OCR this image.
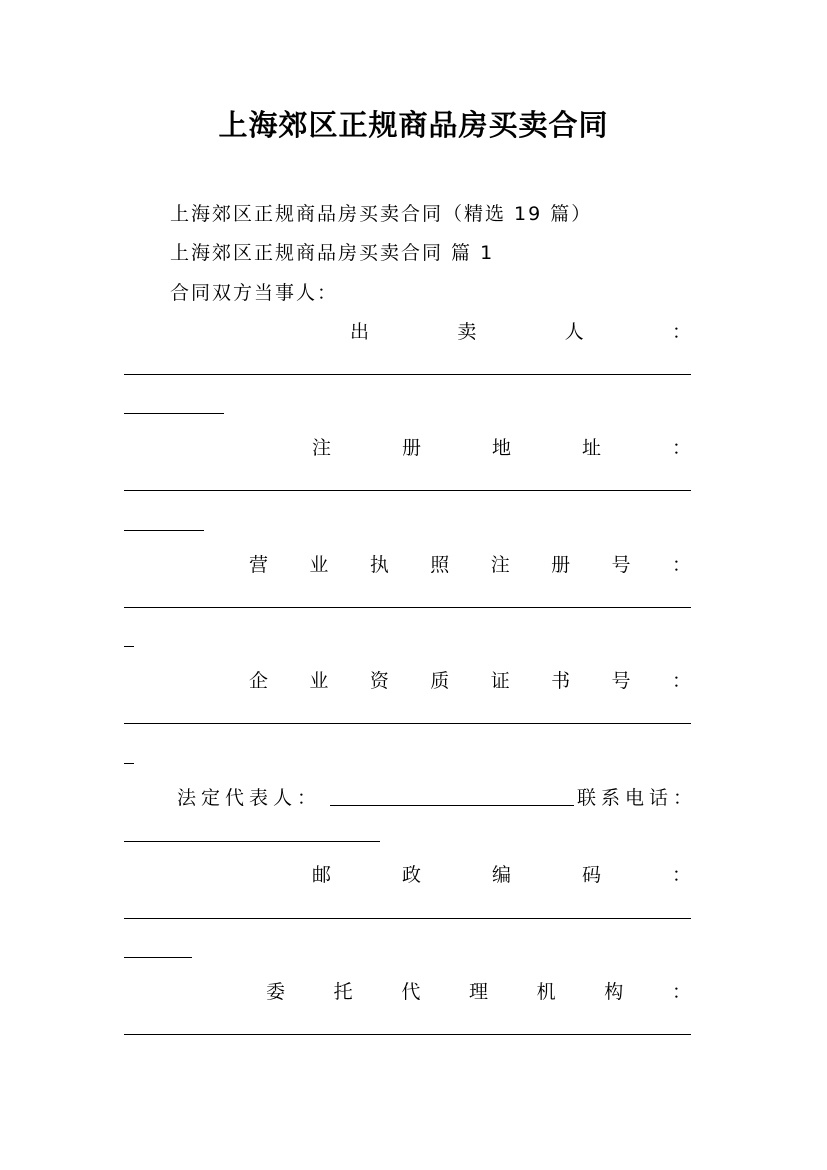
上海郊区正规商品房买卖合同
上海郊区正规商品房买卖合同（精选 19 篇）
上海郊区正规商品房买卖合同 篇 1
合同双方当事人：
出	卖	人	：
注	册	地	址	：
营 业 执 照 注 册 号 ：
企 业 资 质 证 书 号 ：
法定代表人：	联系电话：
邮	政	编	码	：
委	托	代	理	机	构	：
